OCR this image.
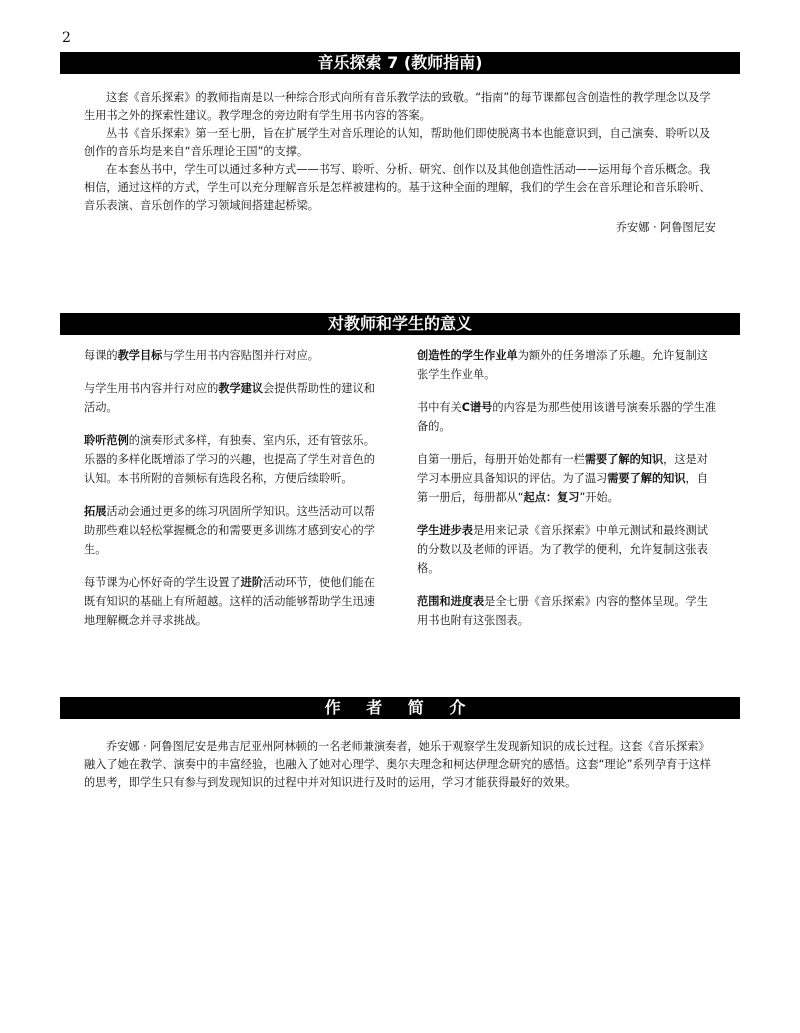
2
音乐探索 7 (教师指南)

这套《音乐探索》的教师指南是以一种综合形式向所有音乐教学法的致敬。“指南”的每节课都包含创造性的教学理念以及学生用书之外的探索性建议。教学理念的旁边附有学生用书内容的答案。

丛书《音乐探索》第一至七册，旨在扩展学生对音乐理论的认知，帮助他们即使脱离书本也能意识到，自己演奏、聆听以及创作的音乐均是来自“音乐理论王国”的支撑。

在本套丛书中，学生可以通过多种方式——书写、聆听、分析、研究、创作以及其他创造性活动——运用每个音乐概念。我相信，通过这样的方式，学生可以充分理解音乐是怎样被建构的。基于这种全面的理解，我们的学生会在音乐理论和音乐聆听、音乐表演、音乐创作的学习领域间搭建起桥梁。

乔安娜 · 阿鲁图尼安
对教师和学生的意义

每课的教学目标与学生用书内容贴图并行对应。

与学生用书内容并行对应的教学建议会提供帮助性的建议和活动。

聆听范例的演奏形式多样，有独奏、室内乐，还有管弦乐。乐器的多样化既增添了学习的兴趣，也提高了学生对音色的认知。本书所附的音频标有选段名称，方便后续聆听。

拓展活动会通过更多的练习巩固所学知识。这些活动可以帮助那些难以轻松掌握概念的和需要更多训练才感到安心的学生。

每节课为心怀好奇的学生设置了进阶活动环节，使他们能在既有知识的基础上有所超越。这样的活动能够帮助学生迅速地理解概念并寻求挑战。

创造性的学生作业单为额外的任务增添了乐趣。允许复制这张学生作业单。

书中有关C谱号的内容是为那些使用该谱号演奏乐器的学生准备的。

自第一册后，每册开始处都有一栏需要了解的知识，这是对学习本册应具备知识的评估。为了温习需要了解的知识，自第一册后，每册都从“起点：复习”开始。

学生进步表是用来记录《音乐探索》中单元测试和最终测试的分数以及老师的评语。为了教学的便利，允许复制这张表格。

范围和进度表是全七册《音乐探索》内容的整体呈现。学生用书也附有这张图表。

作 者 简 介

乔安娜 · 阿鲁图尼安是弗吉尼亚州阿林顿的一名老师兼演奏者，她乐于观察学生发现新知识的成长过程。这套《音乐探索》融入了她在教学、演奏中的丰富经验，也融入了她对心理学、奥尔夫理念和柯达伊理念研究的感悟。这套“理论”系列孕育于这样的思考，即学生只有参与到发现知识的过程中并对知识进行及时的运用，学习才能获得最好的效果。
